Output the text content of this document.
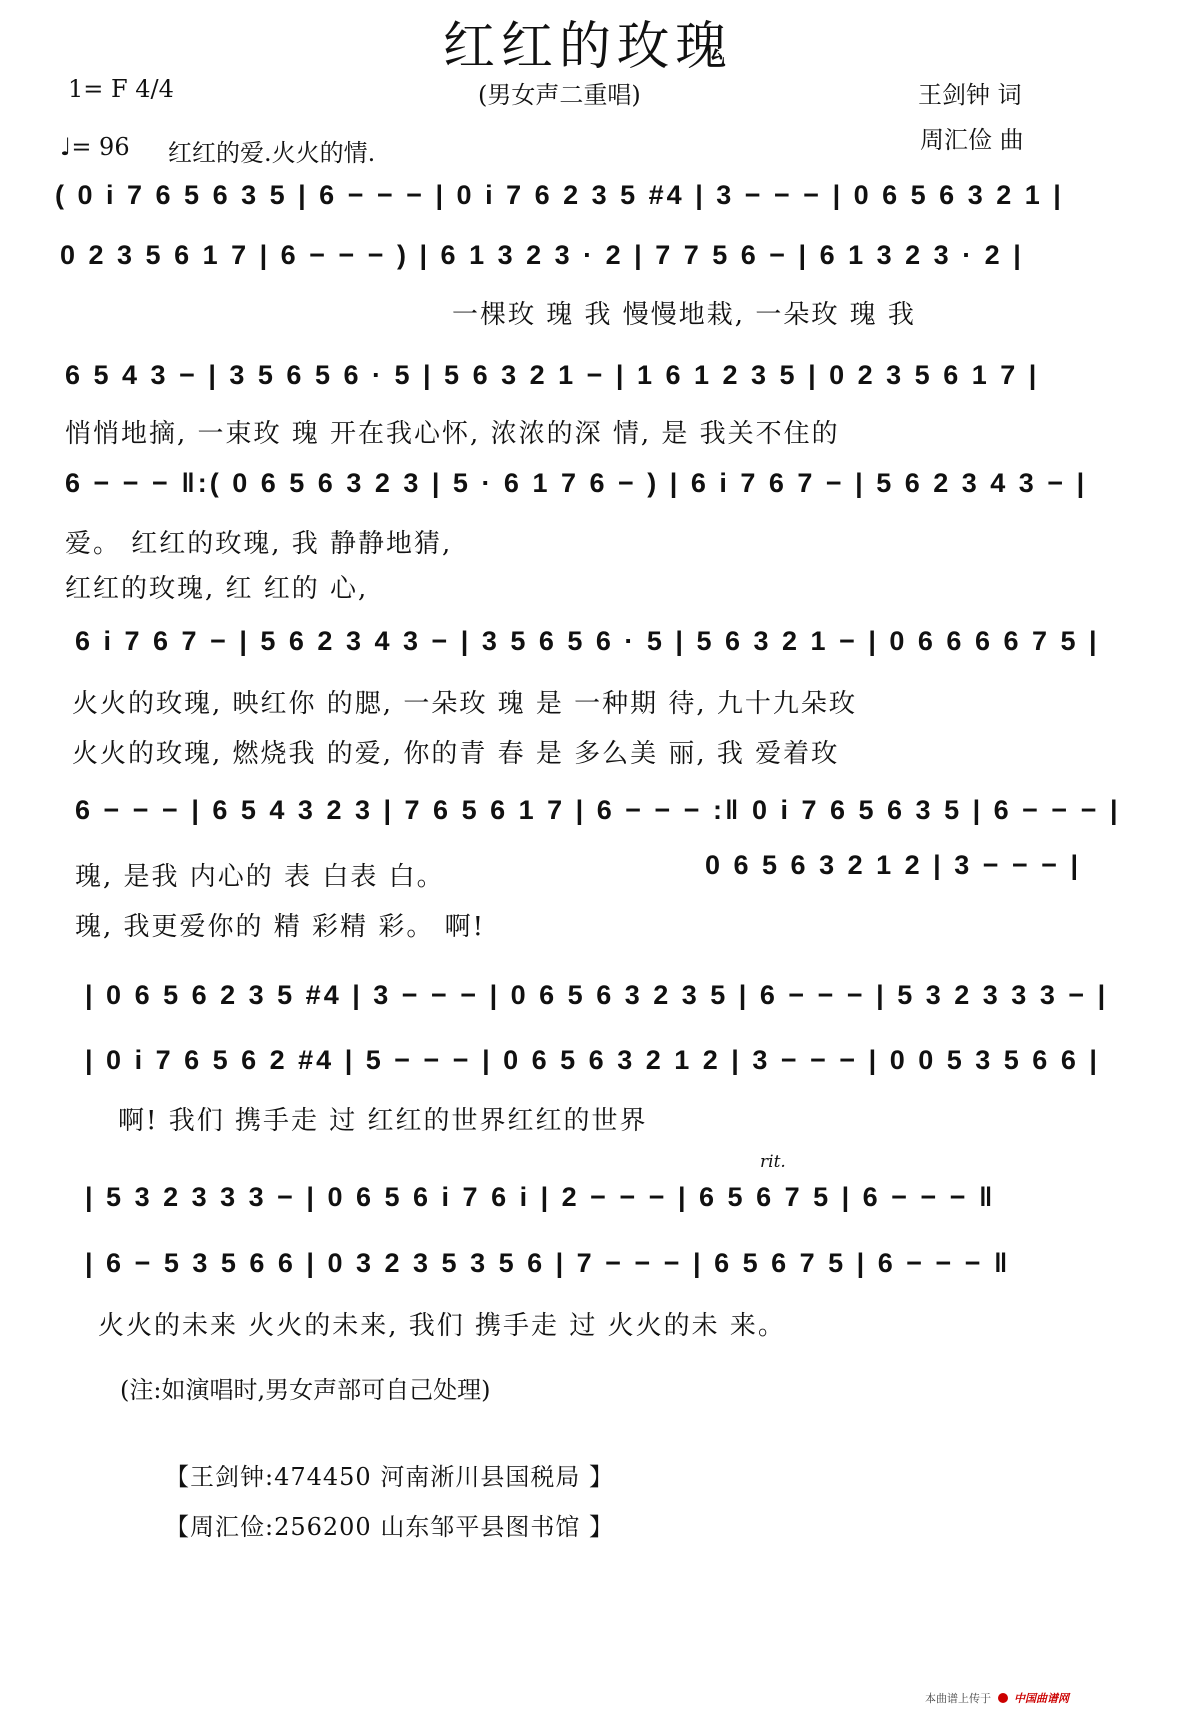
红红的玫瑰
1= F 4/4	(男女声二重唱)	王剑钟 词
周汇俭 曲
♩= 96 红红的爱.火火的情.
( 0 i 7 6 5 6 3 5 | 6 − − − | 0 i 7 6 2 3 5 #4 | 3 − − − | 0 6 5 6 3 2 1 |
0 2 3 5 6 1 7 | 6 − − − ) | 6 1 3 2 3 · 2 | 7 7 5 6 − | 6 1 3 2 3 · 2 |
一棵玫 瑰 我 慢慢地栽, 一朵玫 瑰 我
6 5 4 3 − | 3 5 6 5 6 · 5 | 5 6 3 2 1 − | 1 6 1 2 3 5 | 0 2 3 5 6 1 7 |
悄悄地摘, 一束玫 瑰 开在我心怀, 浓浓的深 情, 是 我关不住的
6 − − − ‖:( 0 6 5 6 3 2 3 | 5 · 6 1 7 6 − ) | 6 i 7 6 7 − | 5 6 2 3 4 3 − |
爱。 红红的玫瑰, 我 静静地猜,
红红的玫瑰, 红 红的 心,
6 i 7 6 7 − | 5 6 2 3 4 3 − | 3 5 6 5 6 · 5 | 5 6 3 2 1 − | 0 6 6 6 6 7 5 |
火火的玫瑰, 映红你 的腮, 一朵玫 瑰 是 一种期 待, 九十九朵玫
火火的玫瑰, 燃烧我 的爱, 你的青 春 是 多么美 丽, 我 爱着玫
6 − − − | 6 5 4 3 2 3 | 7 6 5 6 1 7 | 6 − − − :‖ 0 i 7 6 5 6 3 5 | 6 − − − |
0 6 5 6 3 2 1 2 | 3 − − − |
瑰, 是我 内心的 表 白表 白。
瑰, 我更爱你的 精 彩精 彩。 啊!
| 0 6 5 6 2 3 5 #4 | 3 − − − | 0 6 5 6 3 2 3 5 | 6 − − − | 5 3 2 3 3 3 − |
| 0 i 7 6 5 6 2 #4 | 5 − − − | 0 6 5 6 3 2 1 2 | 3 − − − | 0 0 5 3 5 6 6 |
啊! 我们 携手走 过 红红的世界红红的世界
rit.
| 5 3 2 3 3 3 − | 0 6 5 6 i 7 6 i | 2 − − − | 6 5 6 7 5 | 6 − − − ‖
| 6 − 5 3 5 6 6 | 0 3 2 3 5 3 5 6 | 7 − − − | 6 5 6 7 5 | 6 − − − ‖
火火的未来 火火的未来, 我们 携手走 过 火火的未 来。
(注:如演唱时,男女声部可自己处理)
【王剑钟:474450 河南淅川县国税局 】
【周汇俭:256200 山东邹平县图书馆 】
本曲谱上传于 中国曲谱网
